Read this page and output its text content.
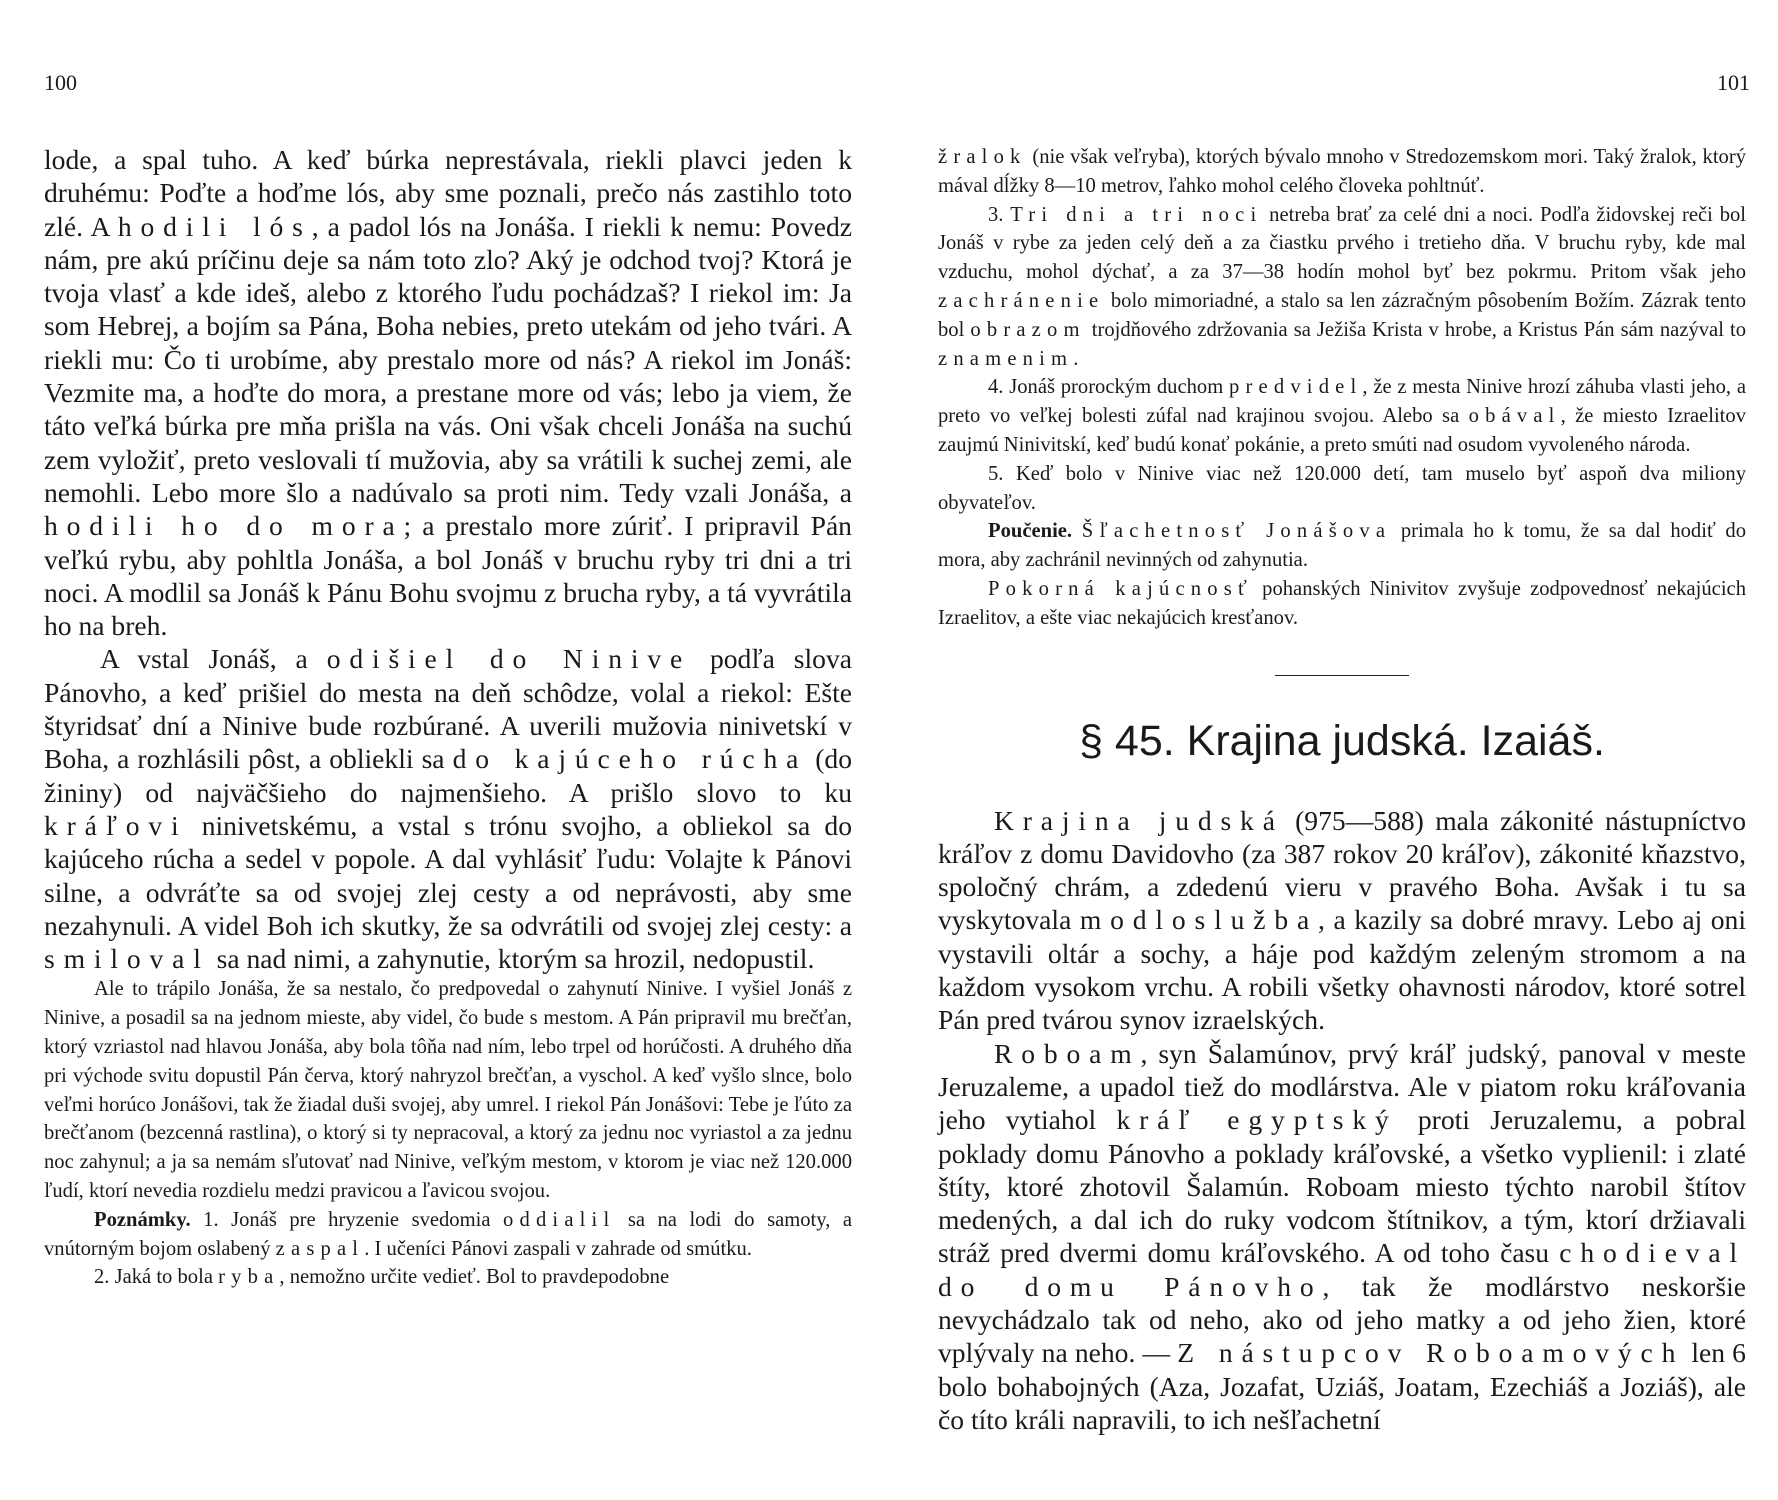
100	101

lode, a spal tuho. A keď búrka neprestávala, riekli plavci jeden k druhému: Poďte a hoďme lós, aby sme poznali, prečo nás zastihlo toto zlé. A hodili lós, a padol lós na Jonáša. I riekli k nemu: Povedz nám, pre akú príčinu deje sa nám toto zlo? Aký je odchod tvoj? Ktorá je tvoja vlasť a kde ideš, alebo z ktorého ľudu pochádzaš? I riekol im: Ja som Hebrej, a bojím sa Pána, Boha nebies, preto utekám od jeho tvári. A riekli mu: Čo ti urobíme, aby prestalo more od nás? A riekol im Jonáš: Vezmite ma, a hoďte do mora, a prestane more od vás; lebo ja viem, že táto veľká búrka pre mňa prišla na vás. Oni však chceli Jonáša na suchú zem vyložiť, preto veslovali tí mužovia, aby sa vrátili k suchej zemi, ale nemohli. Lebo more šlo a nadúvalo sa proti nim. Tedy vzali Jonáša, a hodili ho do mora; a prestalo more zúriť. I pripravil Pán veľkú rybu, aby pohltla Jonáša, a bol Jonáš v bruchu ryby tri dni a tri noci. A modlil sa Jonáš k Pánu Bohu svojmu z brucha ryby, a tá vyvrátila ho na breh.

A vstal Jonáš, a odišiel do Ninive podľa slova Pánovho, a keď prišiel do mesta na deň schôdze, volal a riekol: Ešte štyridsať dní a Ninive bude rozbúrané. A uverili mužovia ninivetskí v Boha, a rozhlásili pôst, a obliekli sa do kajúceho rúcha (do žininy) od najväčšieho do najmenšieho. A prišlo slovo to ku kráľovi ninivetskému, a vstal s trónu svojho, a obliekol sa do kajúceho rúcha a sedel v popole. A dal vyhlásiť ľudu: Volajte k Pánovi silne, a odvráťte sa od svojej zlej cesty a od neprávosti, aby sme nezahynuli. A videl Boh ich skutky, že sa odvrátili od svojej zlej cesty: a smiloval sa nad nimi, a zahynutie, ktorým sa hrozil, nedopustil.

Ale to trápilo Jonáša, že sa nestalo, čo predpovedal o zahynutí Ninive. I vyšiel Jonáš z Ninive, a posadil sa na jednom mieste, aby videl, čo bude s mestom. A Pán pripravil mu brečťan, ktorý vzriastol nad hlavou Jonáša, aby bola tôňa nad ním, lebo trpel od horúčosti. A druhého dňa pri východe svitu dopustil Pán červa, ktorý nahryzol brečťan, a vyschol. A keď vyšlo slnce, bolo veľmi horúco Jonášovi, tak že žiadal duši svojej, aby umrel. I riekol Pán Jonášovi: Tebe je ľúto za brečťanom (bezcenná rastlina), o ktorý si ty nepracoval, a ktorý za jednu noc vyriastol a za jednu noc zahynul; a ja sa nemám sľutovať nad Ninive, veľkým mestom, v ktorom je viac než 120.000 ľudí, ktorí nevedia rozdielu medzi pravicou a ľavicou svojou.

Poznámky. 1. Jonáš pre hryzenie svedomia oddialil sa na lodi do samoty, a vnútorným bojom oslabený zaspal. I učeníci Pánovi zaspali v zahrade od smútku.

2. Jaká to bola ryba, nemožno určite vedieť. Bol to pravdepodobne

žralok (nie však veľryba), ktorých bývalo mnoho v Stredozemskom mori. Taký žralok, ktorý mával dĺžky 8—10 metrov, ľahko mohol celého človeka pohltnúť.

3. Tri dni a tri noci netreba brať za celé dni a noci. Podľa židovskej reči bol Jonáš v rybe za jeden celý deň a za čiastku prvého i tretieho dňa. V bruchu ryby, kde mal vzduchu, mohol dýchať, a za 37—38 hodín mohol byť bez pokrmu. Pritom však jeho zachránenie bolo mimoriadné, a stalo sa len zázračným pôsobením Božím. Zázrak tento bol obrazom trojdňového zdržovania sa Ježiša Krista v hrobe, a Kristus Pán sám nazýval to znamenim.

4. Jonáš prorockým duchom predvidel, že z mesta Ninive hrozí záhuba vlasti jeho, a preto vo veľkej bolesti zúfal nad krajinou svojou. Alebo sa obával, že miesto Izraelitov zaujmú Ninivitskí, keď budú konať pokánie, a preto smúti nad osudom vyvoleného národa.

5. Keď bolo v Ninive viac než 120.000 detí, tam muselo byť aspoň dva miliony obyvateľov.

Poučenie. Šľachetnosť Jonášova primala ho k tomu, že sa dal hodiť do mora, aby zachránil nevinných od zahynutia.

Pokorná kajúcnosť pohanských Ninivitov zvyšuje zodpovednosť nekajúcich Izraelitov, a ešte viac nekajúcich kresťanov.

§ 45. Krajina judská. Izaiáš.

Krajina judská (975—588) mala zákonité nástupníctvo kráľov z domu Davidovho (za 387 rokov 20 kráľov), zákonité kňazstvo, spoločný chrám, a zdedenú vieru v pravého Boha. Avšak i tu sa vyskytovala modloslužba, a kazily sa dobré mravy. Lebo aj oni vystavili oltár a sochy, a háje pod každým zeleným stromom a na každom vysokom vrchu. A robili všetky ohavnosti národov, ktoré sotrel Pán pred tvárou synov izraelských.

Roboam, syn Šalamúnov, prvý kráľ judský, panoval v meste Jeruzaleme, a upadol tiež do modlárstva. Ale v piatom roku kráľovania jeho vytiahol kráľ egyptský proti Jeruzalemu, a pobral poklady domu Pánovho a poklady kráľovské, a všetko vyplienil: i zlaté štíty, ktoré zhotovil Šalamún. Roboam miesto týchto narobil štítov medených, a dal ich do ruky vodcom štítnikov, a tým, ktorí držiavali stráž pred dvermi domu kráľovského. A od toho času chodieval do domu Pánovho, tak že modlárstvo neskoršie nevychádzalo tak od neho, ako od jeho matky a od jeho žien, ktoré vplývaly na neho. — Z nástupcov Roboamových len 6 bolo bohabojných (Aza, Jozafat, Uziáš, Joatam, Ezechiáš a Joziáš), ale čo títo králi napravili, to ich nešľachetní
